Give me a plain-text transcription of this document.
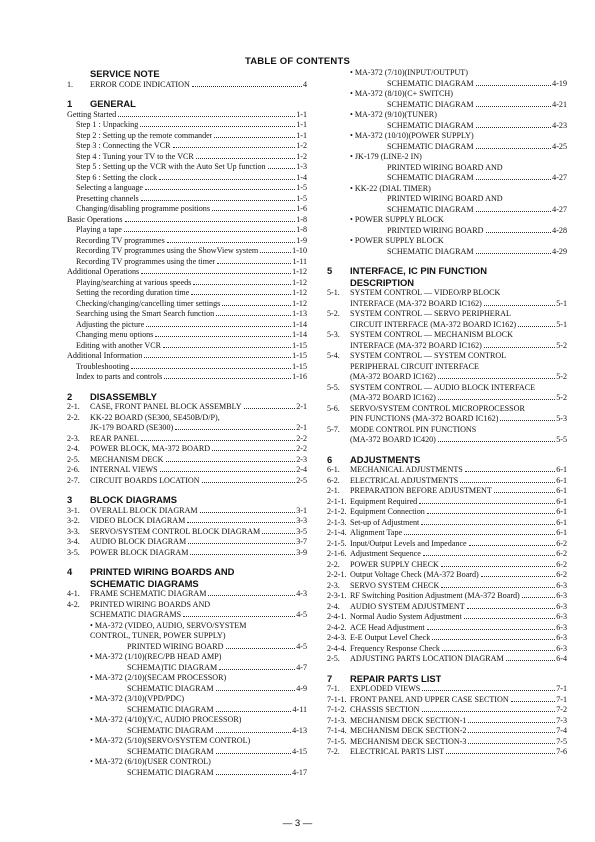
TABLE OF CONTENTS
SERVICE NOTE
1.	ERROR CODE INDICATION	4
1	GENERAL
Getting Started	1-1
Step 1 : Unpacking	1-1
Step 2 : Setting up the remote commander	1-1
Step 3 : Connecting the VCR	1-2
Step 4 : Tuning your TV to the VCR	1-2
Step 5 : Setting up the VCR with the Auto Set Up function	1-3
Step 6 : Setting the clock	1-4
Selecting a language	1-5
Presetting channels	1-5
Changing/disabling programme positions	1-6
Basic Operations	1-8
Playing a tape	1-8
Recording TV programmes	1-9
Recording TV programmes using the ShowView system	1-10
Recording TV programmes using the timer	1-11
Additional Operations	1-12
Playing/searching at various speeds	1-12
Setting the recording duration time	1-12
Checking/changing/cancelling timer settings	1-12
Searching using the Smart Search function	1-13
Adjusting the picture	1-14
Changing menu options	1-14
Editing with another VCR	1-15
Additional Information	1-15
Troubleshooting	1-15
Index to parts and controls	1-16
2	DISASSEMBLY
2-1.	CASE, FRONT PANEL BLOCK ASSEMBLY	2-1
2-2.	KK-22 BOARD (SE300, SE450B/D/P),
JK-179 BOARD (SE300)	2-1
2-3.	REAR PANEL	2-2
2-4.	POWER BLOCK, MA-372 BOARD	2-2
2-5.	MECHANISM DECK	2-3
2-6.	INTERNAL VIEWS	2-4
2-7.	CIRCUIT BOARDS LOCATION	2-5
3	BLOCK DIAGRAMS
3-1.	OVERALL BLOCK DIAGRAM	3-1
3-2.	VIDEO BLOCK DIAGRAM	3-3
3-3.	SERVO/SYSTEM CONTROL BLOCK DIAGRAM	3-5
3-4.	AUDIO BLOCK DIAGRAM	3-7
3-5.	POWER BLOCK DIAGRAM	3-9
4	PRINTED WIRING BOARDS AND
SCHEMATIC DIAGRAMS
4-1.	FRAME SCHEMATIC DIAGRAM	4-3
4-2.	PRINTED WIRING BOARDS AND
SCHEMATIC DIAGRAMS	4-5
• MA-372 (VIDEO, AUDIO, SERVO/SYSTEM
CONTROL, TUNER, POWER SUPPLY)
PRINTED WIRING BOARD	4-5
• MA-372 (1/10)(REC/PB HEAD AMP)
SCHEMA)TIC DIAGRAM	4-7
• MA-372 (2/10)(SECAM PROCESSOR)
SCHEMATIC DIAGRAM	4-9
• MA-372 (3/10)(VPD/PDC)
SCHEMATIC DIAGRAM	4-11
• MA-372 (4/10)(Y/C, AUDIO PROCESSOR)
SCHEMATIC DIAGRAM	4-13
• MA-372 (5/10)(SERVO/SYSTEM CONTROL)
SCHEMATIC DIAGRAM	4-15
• MA-372 (6/10)(USER CONTROL)
SCHEMATIC DIAGRAM	4-17
• MA-372 (7/10)(INPUT/OUTPUT)
SCHEMATIC DIAGRAM	4-19
• MA-372 (8/10)(C+ SWITCH)
SCHEMATIC DIAGRAM	4-21
• MA-372 (9/10)(TUNER)
SCHEMATIC DIAGRAM	4-23
• MA-372 (10/10)(POWER SUPPLY)
SCHEMATIC DIAGRAM	4-25
• JK-179 (LINE-2 IN)
PRINTED WIRING BOARD AND
SCHEMATIC DIAGRAM	4-27
• KK-22 (DIAL TIMER)
PRINTED WIRING BOARD AND
SCHEMATIC DIAGRAM	4-27
• POWER SUPPLY BLOCK
PRINTED WIRING BOARD	4-28
• POWER SUPPLY BLOCK
SCHEMATIC DIAGRAM	4-29
5	INTERFACE, IC PIN FUNCTION
DESCRIPTION
5-1.	SYSTEM CONTROL — VIDEO/RP BLOCK
INTERFACE (MA-372 BOARD IC162)	5-1
5-2.	SYSTEM CONTROL — SERVO PERIPHERAL
CIRCUIT INTERFACE (MA-372 BOARD IC162)	5-1
5-3.	SYSTEM CONTROL — MECHANISM BLOCK
INTERFACE (MA-372 BOARD IC162)	5-2
5-4.	SYSTEM CONTROL — SYSTEM CONTROL
PERIPHERAL CIRCUIT INTERFACE
(MA-372 BOARD IC162)	5-2
5-5.	SYSTEM CONTROL — AUDIO BLOCK INTERFACE
(MA-372 BOARD IC162)	5-2
5-6.	SERVO/SYSTEM CONTROL MICROPROCESSOR
PIN FUNCTIONS (MA-372 BOARD IC162)	5-3
5-7.	MODE CONTROL PIN FUNCTIONS
(MA-372 BOARD IC420)	5-5
6	ADJUSTMENTS
6-1.	MECHANICAL ADJUSTMENTS	6-1
6-2.	ELECTRICAL ADJUSTMENTS	6-1
2-1.	PREPARATION BEFORE ADJUSTMENT	6-1
2-1-1. Equipment Required	6-1
2-1-2. Equipment Connection	6-1
2-1-3. Set-up of Adjustment	6-1
2-1-4. Alignment Tape	6-1
2-1-5. Input/Output Levels and Impedance	6-2
2-1-6. Adjustment Sequence	6-2
2-2.	POWER SUPPLY CHECK	6-2
2-2-1. Output Voltage Check (MA-372 Board)	6-2
2-3.	SERVO SYSTEM CHECK	6-3
2-3-1. RF Switching Position Adjustment (MA-372 Board)	6-3
2-4.	AUDIO SYSTEM ADJUSTMENT	6-3
2-4-1. Normal Audio System Adjustment	6-3
2-4-2. ACE Head Adjustment	6-3
2-4-3. E-E Output Level Check	6-3
2-4-4. Frequency Response Check	6-3
2-5.	ADJUSTING PARTS LOCATION DIAGRAM	6-4
7	REPAIR PARTS LIST
7-1.	EXPLODED VIEWS	7-1
7-1-1. FRONT PANEL AND UPPER CASE SECTION	7-1
7-1-2. CHASSIS SECTION	7-2
7-1-3. MECHANISM DECK SECTION-1	7-3
7-1-4. MECHANISM DECK SECTION-2	7-4
7-1-5. MECHANISM DECK SECTION-3	7-5
7-2.	ELECTRICAL PARTS LIST	7-6
— 3 —
